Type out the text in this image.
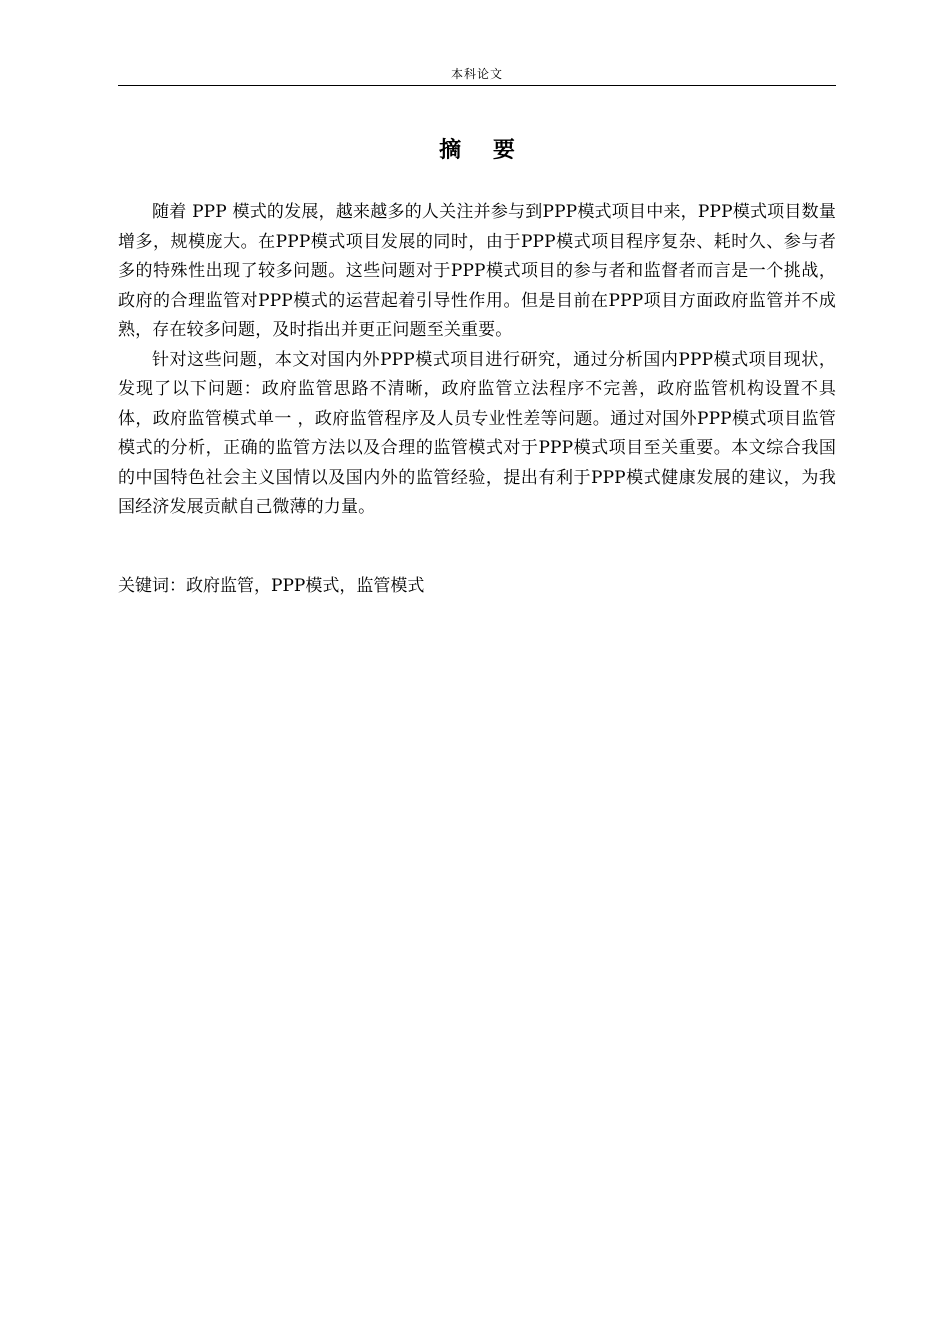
本科论文
摘 要

随着 PPP 模式的发展，越来越多的人关注并参与到PPP模式项目中来，PPP模式项目数量增多，规模庞大。在PPP模式项目发展的同时，由于PPP模式项目程序复杂、耗时久、参与者多的特殊性出现了较多问题。这些问题对于PPP模式项目的参与者和监督者而言是一个挑战，政府的合理监管对PPP模式的运营起着引导性作用。但是目前在PPP项目方面政府监管并不成熟，存在较多问题，及时指出并更正问题至关重要。

针对这些问题，本文对国内外PPP模式项目进行研究，通过分析国内PPP模式项目现状，发现了以下问题：政府监管思路不清晰，政府监管立法程序不完善，政府监管机构设置不具体，政府监管模式单一 ，政府监管程序及人员专业性差等问题。通过对国外PPP模式项目监管模式的分析，正确的监管方法以及合理的监管模式对于PPP模式项目至关重要。本文综合我国的中国特色社会主义国情以及国内外的监管经验，提出有利于PPP模式健康发展的建议，为我国经济发展贡献自己微薄的力量。

关键词：政府监管，PPP模式，监管模式
